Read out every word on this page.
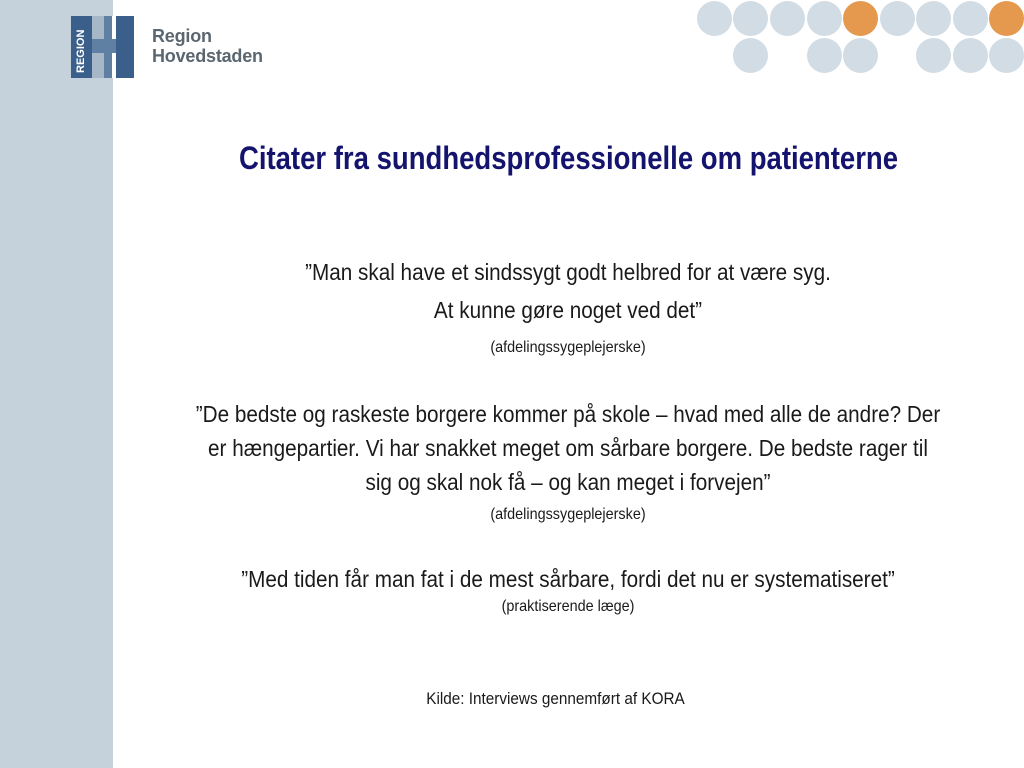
REGION	Region
Hovedstaden
Citater fra sundhedsprofessionelle om patienterne
”Man skal have et sindssygt godt helbred for at være syg.
At kunne gøre noget ved det”
(afdelingssygeplejerske)
”De bedste og raskeste borgere kommer på skole – hvad med alle de andre? Der
er hængepartier. Vi har snakket meget om sårbare borgere. De bedste rager til
sig og skal nok få – og kan meget i forvejen”
(afdelingssygeplejerske)
”Med tiden får man fat i de mest sårbare, fordi det nu er systematiseret”
(praktiserende læge)
Kilde: Interviews gennemført af KORA
